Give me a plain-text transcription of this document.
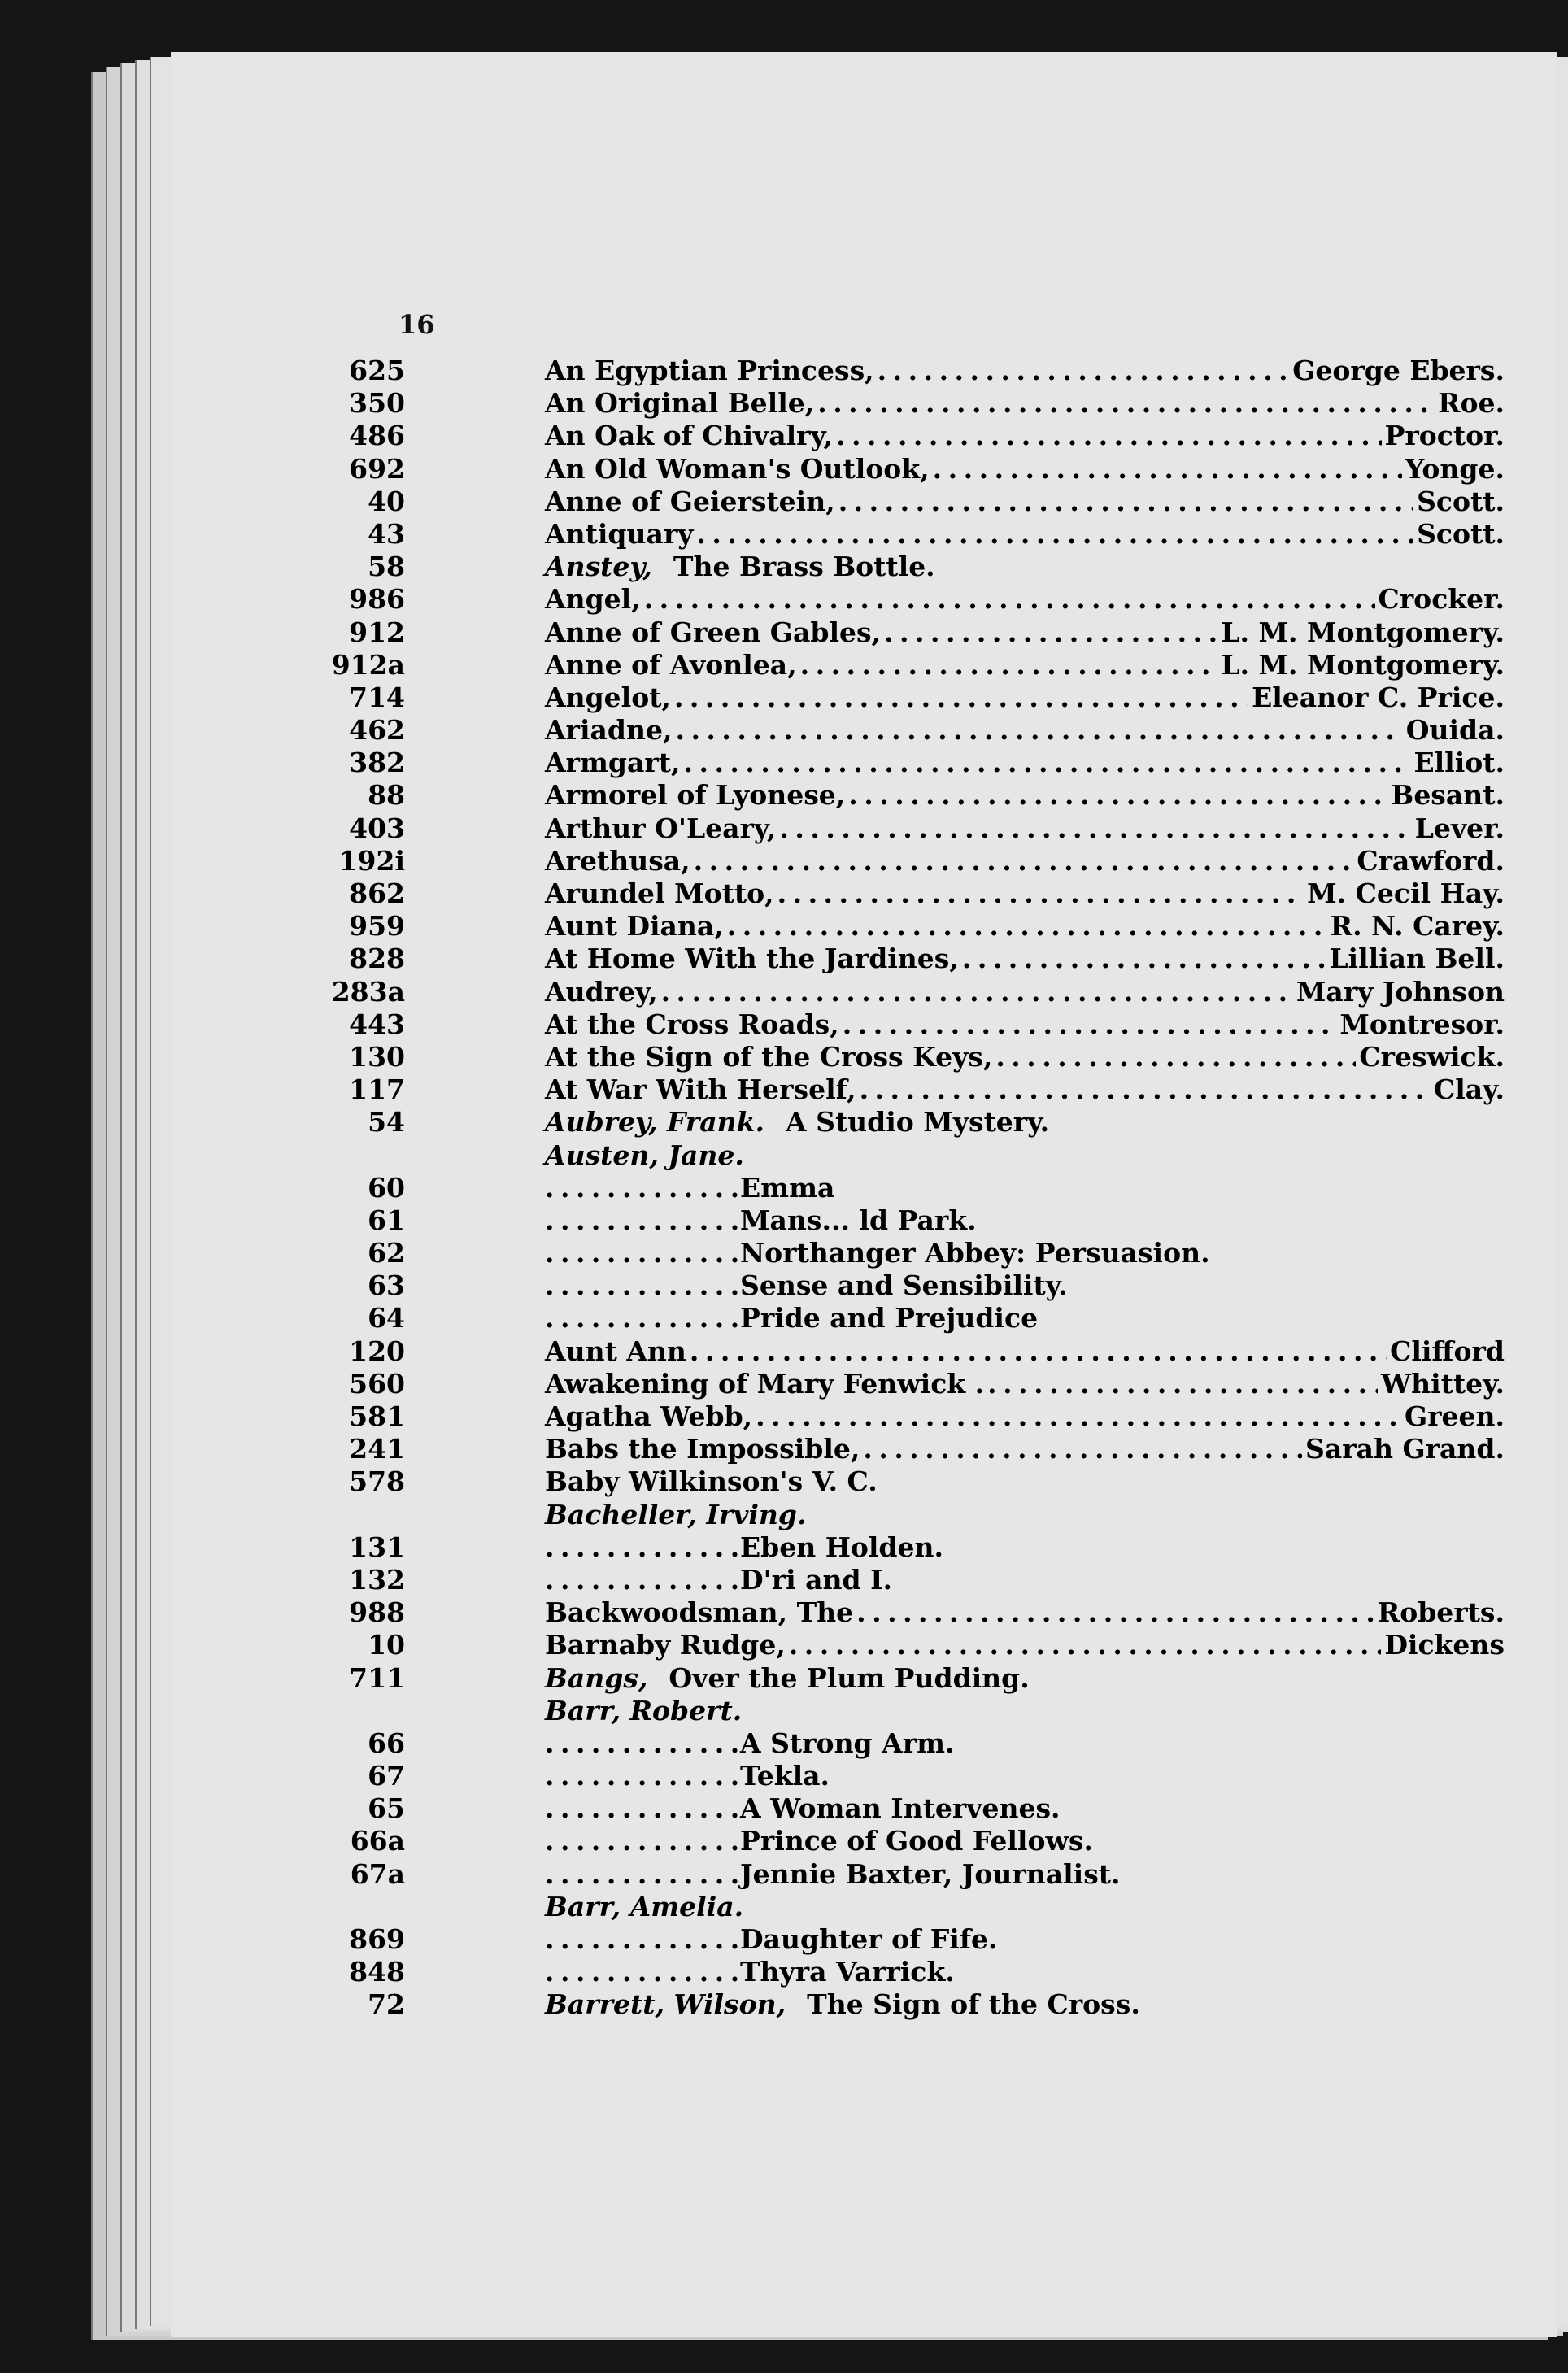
16
625	An Egyptian Princess, . . .	George Ebers.
350	An Original Belle, . . .	Roe.
486	An Oak of Chivalry, . . .	Proctor.
692	An Old Woman's Outlook, . . .	Yonge.
40	Anne of Geierstein, . . .	Scott.
43	Antiquary . . .	Scott.
58	Anstey, The Brass Bottle.
986	Angel, . . .	Crocker.
912	Anne of Green Gables, . . .	L. M. Montgomery.
912a	Anne of Avonlea, . . .	L. M. Montgomery.
714	Angelot, . . .	Eleanor C. Price.
462	Ariadne, . . .	Ouida.
382	Armgart, . . .	Elliot.
88	Armorel of Lyonese, . . .	Besant.
403	Arthur O'Leary, . . .	Lever.
192i	Arethusa, . . .	Crawford.
862	Arundel Motto, . . .	M. Cecil Hay.
959	Aunt Diana, . . .	R. N. Carey.
828	At Home With the Jardines, . . .	Lillian Bell.
283a	Audrey, . . .	Mary Johnson
443	At the Cross Roads, . . .	Montresor.
130	At the Sign of the Cross Keys, . . .	Creswick.
117	At War With Herself, . . .	Clay.
54	Aubrey, Frank. A Studio Mystery.
Austen, Jane.
60 . . .	Emma
61 . . .	Mans... ld Park.
62 . . .	Northanger Abbey: Persuasion.
63 . . .	Sense and Sensibility.
64 . . .	Pride and Prejudice
120	Aunt Ann . . .	Clifford
560	Awakening of Mary Fenwick . . . .	Whittey.
581	Agatha Webb, . . .	Green.
241	Babs the Impossible, . . .	Sarah Grand.
578	Baby Wilkinson's V. C.
Bacheller, Irving.
131 . . .	Eben Holden.
132 . . .	D'ri and I.
988	Backwoodsman, The . . .	Roberts.
10	Barnaby Rudge, . . .	Dickens
711	Bangs, Over the Plum Pudding.
Barr, Robert.
66 . . .	A Strong Arm.
67 . . .	Tekla.
65 . . .	A Woman Intervenes.
66a . . .	Prince of Good Fellows.
67a . . .	Jennie Baxter, Journalist.
Barr, Amelia.
869 . . .	Daughter of Fife.
848 . . .	Thyra Varrick.
72	Barrett, Wilson, The Sign of the Cross.
